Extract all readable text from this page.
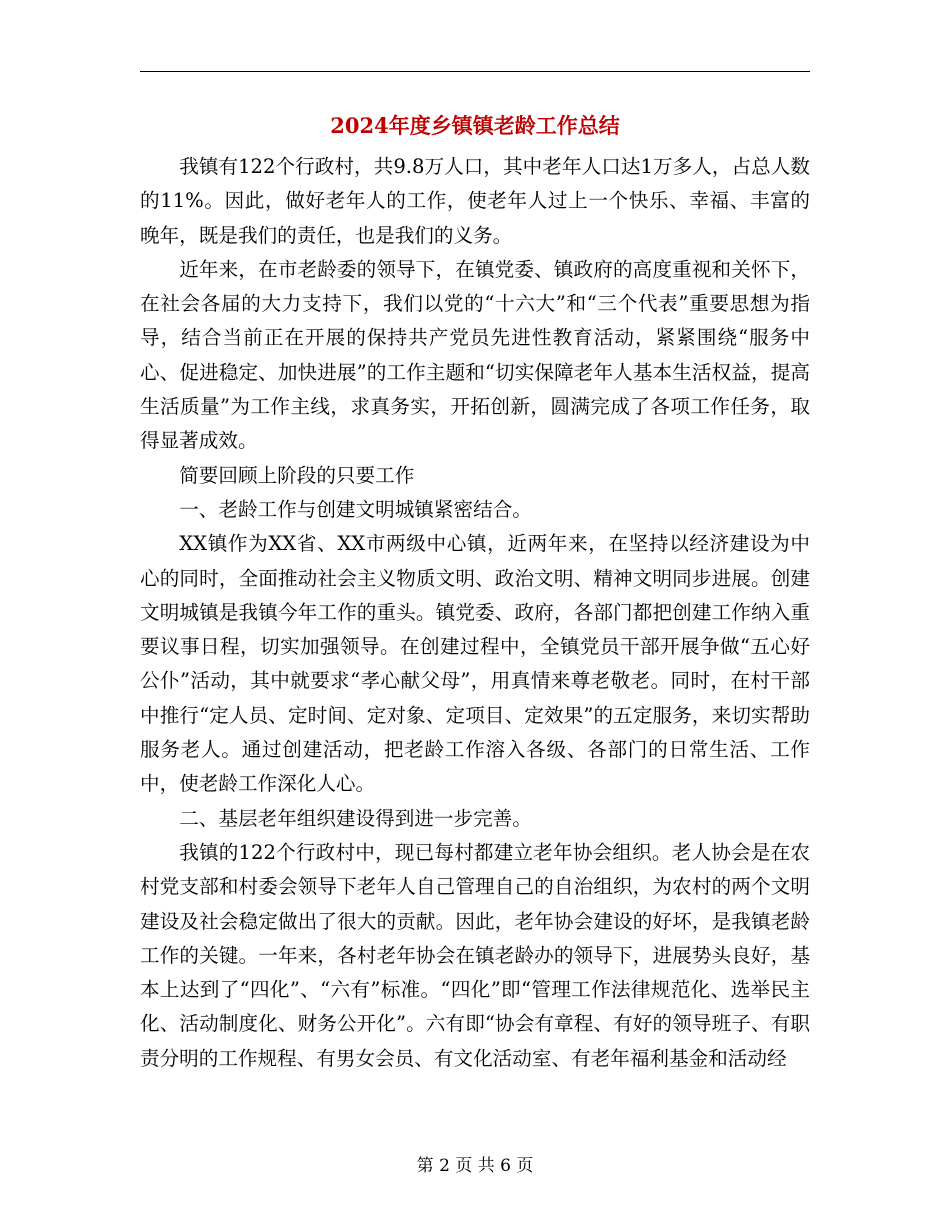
2024年度乡镇镇老龄工作总结

我镇有122个行政村，共9.8万人口，其中老年人口达1万多人，占总人数的11%。因此，做好老年人的工作，使老年人过上一个快乐、幸福、丰富的晚年，既是我们的责任，也是我们的义务。

近年来，在市老龄委的领导下，在镇党委、镇政府的高度重视和关怀下，在社会各届的大力支持下，我们以党的“十六大”和“三个代表”重要思想为指导，结合当前正在开展的保持共产党员先进性教育活动，紧紧围绕“服务中心、促进稳定、加快进展”的工作主题和“切实保障老年人基本生活权益，提高生活质量”为工作主线，求真务实，开拓创新，圆满完成了各项工作任务，取得显著成效。

简要回顾上阶段的只要工作

一、老龄工作与创建文明城镇紧密结合。

XX镇作为XX省、XX市两级中心镇，近两年来，在坚持以经济建设为中心的同时，全面推动社会主义物质文明、政治文明、精神文明同步进展。创建文明城镇是我镇今年工作的重头。镇党委、政府，各部门都把创建工作纳入重要议事日程，切实加强领导。在创建过程中，全镇党员干部开展争做“五心好公仆”活动，其中就要求“孝心献父母”，用真情来尊老敬老。同时，在村干部中推行“定人员、定时间、定对象、定项目、定效果”的五定服务，来切实帮助服务老人。通过创建活动，把老龄工作溶入各级、各部门的日常生活、工作中，使老龄工作深化人心。

二、基层老年组织建设得到进一步完善。

我镇的122个行政村中，现已每村都建立老年协会组织。老人协会是在农村党支部和村委会领导下老年人自己管理自己的自治组织，为农村的两个文明建设及社会稳定做出了很大的贡献。因此，老年协会建设的好坏，是我镇老龄工作的关键。一年来，各村老年协会在镇老龄办的领导下，进展势头良好，基本上达到了“四化”、“六有”标准。“四化”即“管理工作法律规范化、选举民主化、活动制度化、财务公开化”。六有即“协会有章程、有好的领导班子、有职责分明的工作规程、有男女会员、有文化活动室、有老年福利基金和活动经

第 2 页 共 6 页
